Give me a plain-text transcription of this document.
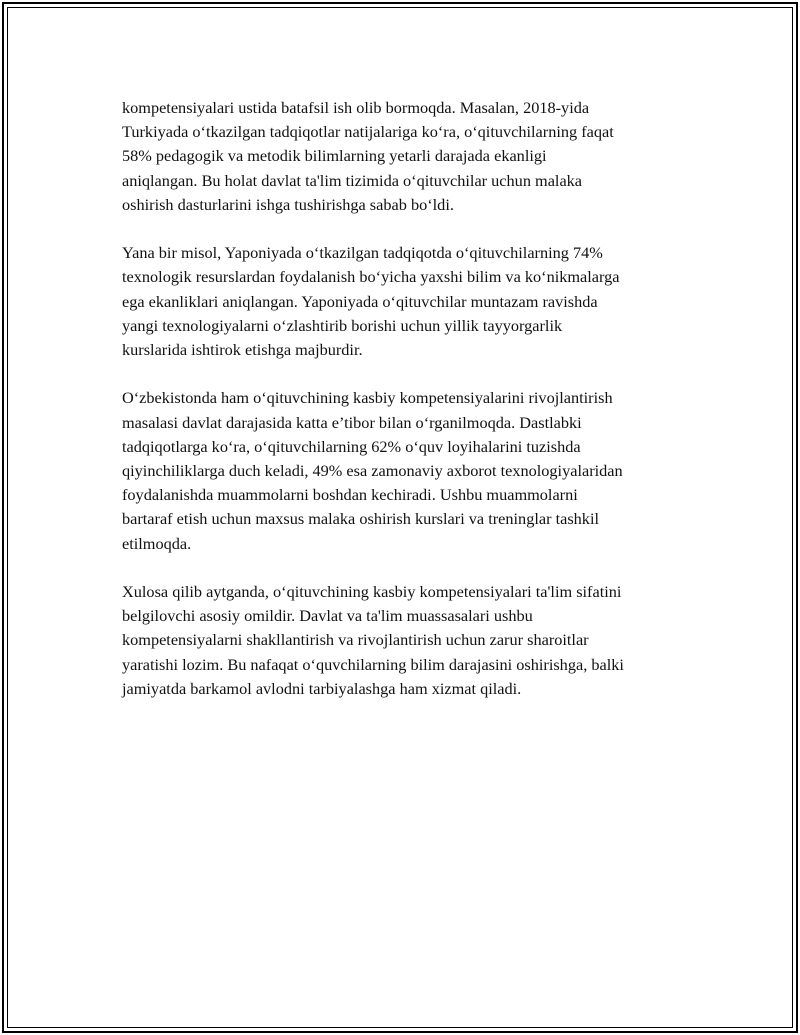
kompetensiyalari ustida batafsil ish olib bormoqda. Masalan, 2018-yida
Turkiyada o‘tkazilgan tadqiqotlar natijalariga ko‘ra, o‘qituvchilarning faqat
58% pedagogik va metodik bilimlarning yetarli darajada ekanligi
aniqlangan. Bu holat davlat ta'lim tizimida o‘qituvchilar uchun malaka
oshirish dasturlarini ishga tushirishga sabab bo‘ldi.

Yana bir misol, Yaponiyada o‘tkazilgan tadqiqotda o‘qituvchilarning 74%
texnologik resurslardan foydalanish bo‘yicha yaxshi bilim va ko‘nikmalarga
ega ekanliklari aniqlangan. Yaponiyada o‘qituvchilar muntazam ravishda
yangi texnologiyalarni o‘zlashtirib borishi uchun yillik tayyorgarlik
kurslarida ishtirok etishga majburdir.

O‘zbekistonda ham o‘qituvchining kasbiy kompetensiyalarini rivojlantirish
masalasi davlat darajasida katta e’tibor bilan o‘rganilmoqda. Dastlabki
tadqiqotlarga ko‘ra, o‘qituvchilarning 62% o‘quv loyihalarini tuzishda
qiyinchiliklarga duch keladi, 49% esa zamonaviy axborot texnologiyalaridan
foydalanishda muammolarni boshdan kechiradi. Ushbu muammolarni
bartaraf etish uchun maxsus malaka oshirish kurslari va treninglar tashkil
etilmoqda.

Xulosa qilib aytganda, o‘qituvchining kasbiy kompetensiyalari ta'lim sifatini
belgilovchi asosiy omildir. Davlat va ta'lim muassasalari ushbu
kompetensiyalarni shakllantirish va rivojlantirish uchun zarur sharoitlar
yaratishi lozim. Bu nafaqat o‘quvchilarning bilim darajasini oshirishga, balki
jamiyatda barkamol avlodni tarbiyalashga ham xizmat qiladi.
